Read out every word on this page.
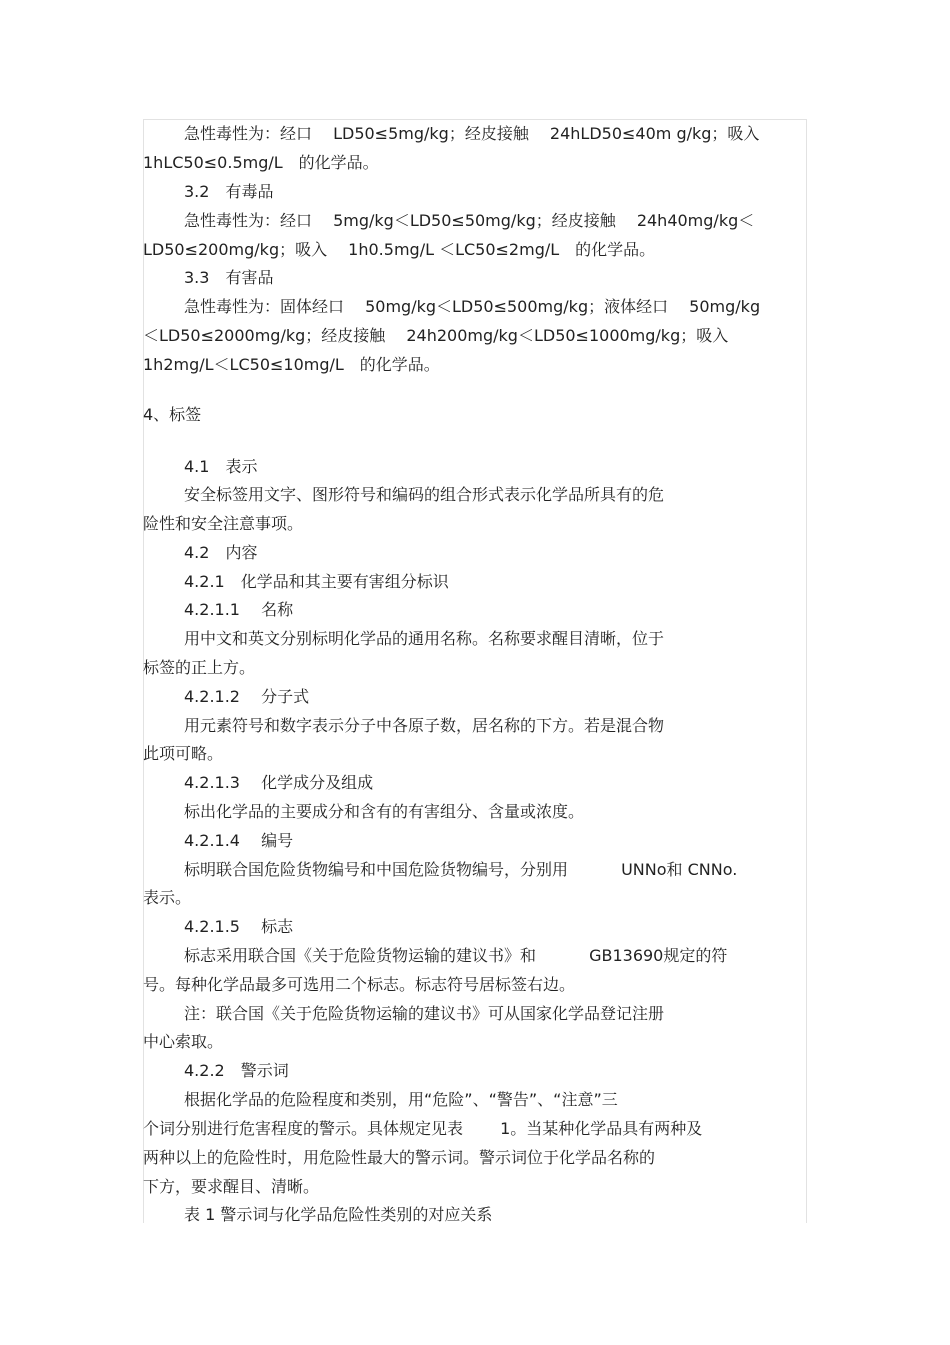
急性毒性为：经口　 LD50≤5mg/kg；经皮接触　 24hLD50≤40m g/kg；吸入
1hLC50≤0.5mg/L　的化学品。
3.2　有毒品
急性毒性为：经口　 5mg/kg＜LD50≤50mg/kg；经皮接触　 24h40mg/kg＜
LD50≤200mg/kg；吸入　 1h0.5mg/L ＜LC50≤2mg/L　的化学品。
3.3　有害品
急性毒性为：固体经口　 50mg/kg＜LD50≤500mg/kg；液体经口　 50mg/kg
＜LD50≤2000mg/kg；经皮接触　 24h200mg/kg＜LD50≤1000mg/kg；吸入
1h2mg/L＜LC50≤10mg/L　的化学品。
4、标签
4.1　表示
安全标签用文字、图形符号和编码的组合形式表示化学品所具有的危
险性和安全注意事项。
4.2　内容
4.2.1　化学品和其主要有害组分标识
4.2.1.1　 名称
用中文和英文分别标明化学品的通用名称。名称要求醒目清晰，位于
标签的正上方。
4.2.1.2　 分子式
用元素符号和数字表示分子中各原子数，居名称的下方。若是混合物
此项可略。
4.2.1.3　 化学成分及组成
标出化学品的主要成分和含有的有害组分、含量或浓度。
4.2.1.4　 编号
标明联合国危险货物编号和中国危险货物编号，分别用　　　 UNNo和 CNNo.
表示。
4.2.1.5　 标志
标志采用联合国《关于危险货物运输的建议书》和　　　 GB13690规定的符
号。每种化学品最多可选用二个标志。标志符号居标签右边。
注：联合国《关于危险货物运输的建议书》可从国家化学品登记注册
中心索取。
4.2.2　警示词
根据化学品的危险程度和类别，用“危险”、“警告”、“注意”三
个词分别进行危害程度的警示。具体规定见表　　 1。当某种化学品具有两种及
两种以上的危险性时，用危险性最大的警示词。警示词位于化学品名称的
下方，要求醒目、清晰。
表 1 警示词与化学品危险性类别的对应关系
